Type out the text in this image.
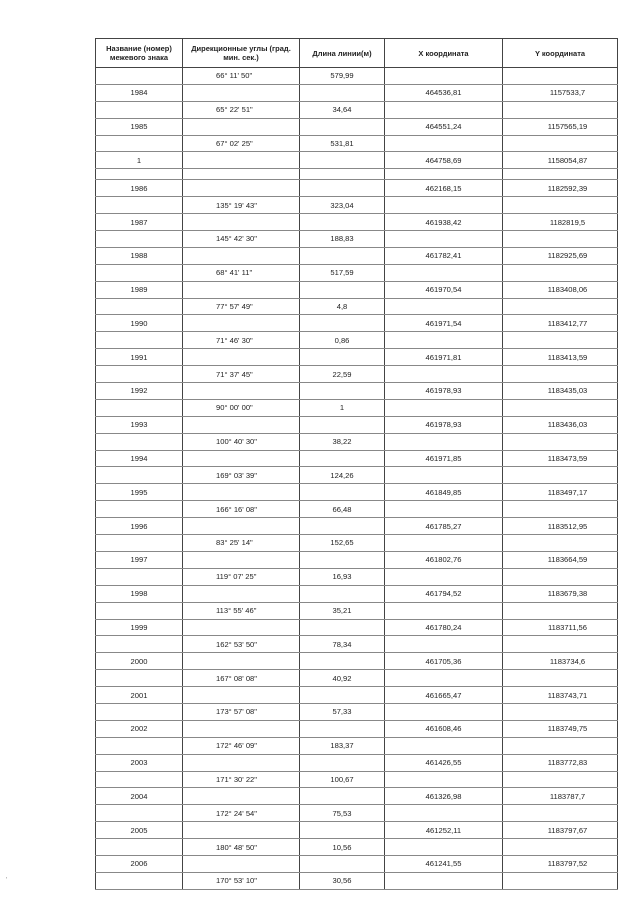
Название (номер) межевого знака	Дирекционные углы (град. мин. сек.)	Длина линии(м)	Х координата	Y координата
	66° 11' 50"	579,99		
1984			464536,81	1157533,7
	65° 22' 51"	34,64		
1985			464551,24	1157565,19
	67° 02' 25"	531,81		
1			464758,69	1158054,87

1986			462168,15	1182592,39
	135° 19' 43"	323,04		
1987			461938,42	1182819,5
	145° 42' 30"	188,83		
1988			461782,41	1182925,69
	68° 41' 11"	517,59		
1989			461970,54	1183408,06
	77° 57' 49"	4,8		
1990			461971,54	1183412,77
	71° 46' 30"	0,86		
1991			461971,81	1183413,59
	71° 37' 45"	22,59		
1992			461978,93	1183435,03
	90° 00' 00"	1		
1993			461978,93	1183436,03
	100° 40' 30"	38,22		
1994			461971,85	1183473,59
	169° 03' 39"	124,26		
1995			461849,85	1183497,17
	166° 16' 08"	66,48		
1996			461785,27	1183512,95
	83° 25' 14"	152,65		
1997			461802,76	1183664,59
	119° 07' 25"	16,93		
1998			461794,52	1183679,38
	113° 55' 46"	35,21		
1999			461780,24	1183711,56
	162° 53' 50"	78,34		
2000			461705,36	1183734,6
	167° 08' 08"	40,92		
2001			461665,47	1183743,71
	173° 57' 08"	57,33		
2002			461608,46	1183749,75
	172° 46' 09"	183,37		
2003			461426,55	1183772,83
	171° 30' 22"	100,67		
2004			461326,98	1183787,7
	172° 24' 54"	75,53		
2005			461252,11	1183797,67
	180° 48' 50"	10,56		
2006			461241,55	1183797,52
	170° 53' 10"	30,56		
'
